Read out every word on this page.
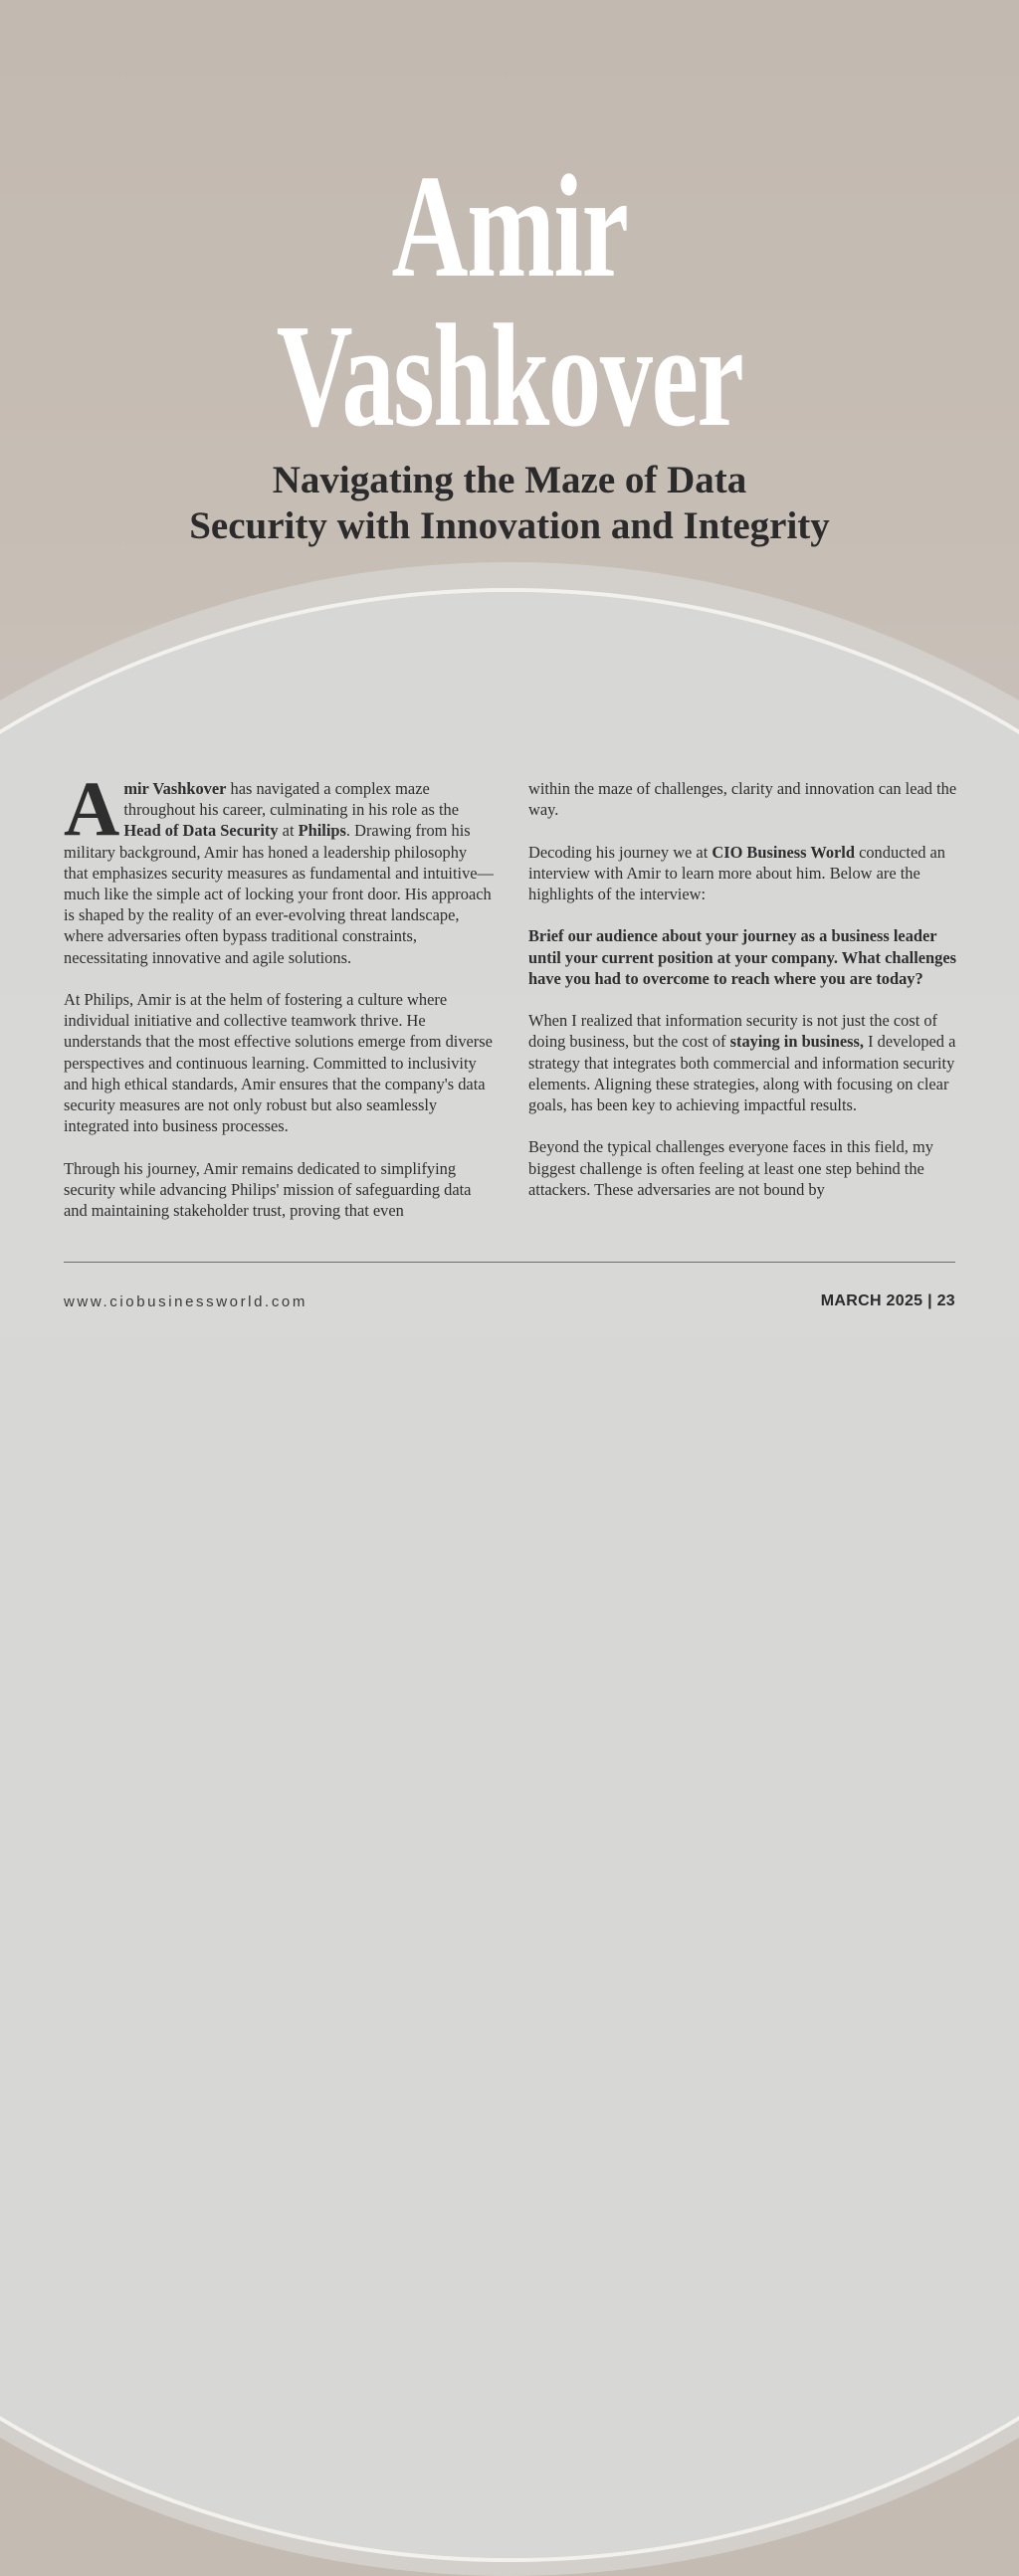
Amir
Vashkover
Navigating the Maze of Data
Security with Innovation and Integrity

Amir Vashkover has navigated a complex maze throughout his career, culminating in his role as the Head of Data Security at Philips. Drawing from his military background, Amir has honed a leadership philosophy that emphasizes security measures as fundamental and intuitive—much like the simple act of locking your front door. His approach is shaped by the reality of an ever-evolving threat landscape, where adversaries often bypass traditional constraints, necessitating innovative and agile solutions.

At Philips, Amir is at the helm of fostering a culture where individual initiative and collective teamwork thrive. He understands that the most effective solutions emerge from diverse perspectives and continuous learning. Committed to inclusivity and high ethical standards, Amir ensures that the company's data security measures are not only robust but also seamlessly integrated into business processes.

Through his journey, Amir remains dedicated to simplifying security while advancing Philips' mission of safeguarding data and maintaining stakeholder trust, proving that even

within the maze of challenges, clarity and innovation can lead the way.

Decoding his journey we at CIO Business World conducted an interview with Amir to learn more about him. Below are the highlights of the interview:

Brief our audience about your journey as a business leader until your current position at your company. What challenges have you had to overcome to reach where you are today?

When I realized that information security is not just the cost of doing business, but the cost of staying in business, I developed a strategy that integrates both commercial and information security elements. Aligning these strategies, along with focusing on clear goals, has been key to achieving impactful results.

Beyond the typical challenges everyone faces in this field, my biggest challenge is often feeling at least one step behind the attackers. These adversaries are not bound by

www.ciobusinessworld.com	MARCH 2025 | 23
